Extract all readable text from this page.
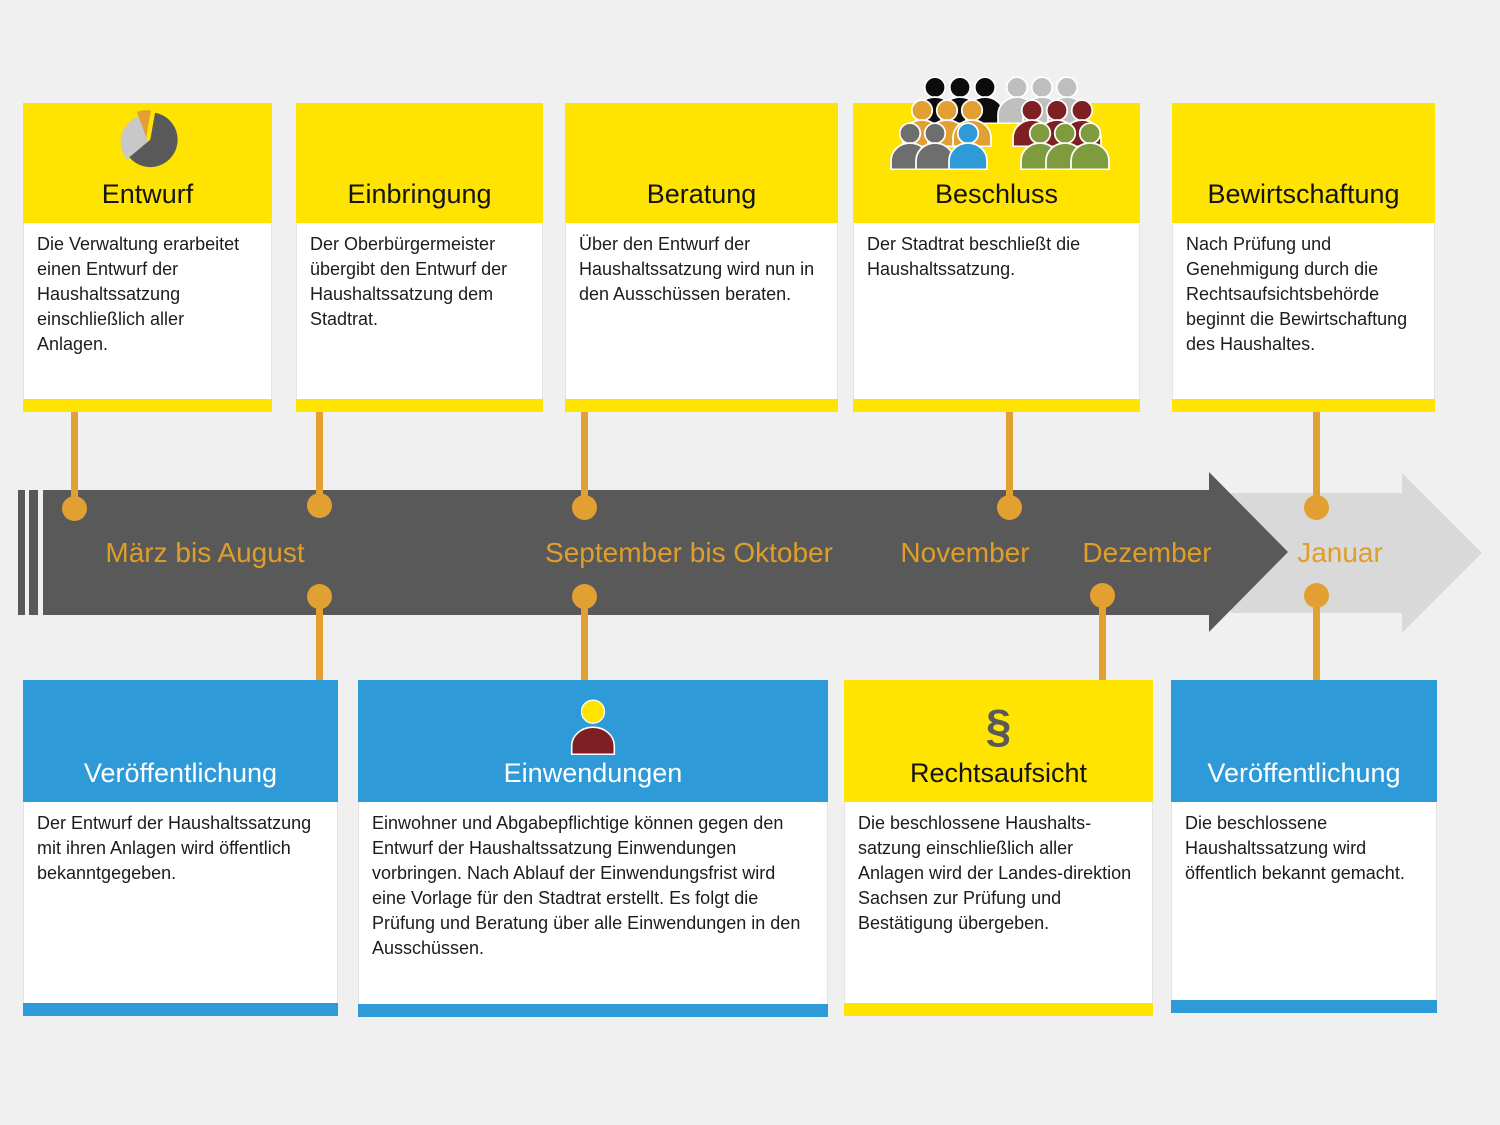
März bis August	September bis Oktober November Dezember	Januar
Entwurf

Die Verwaltung erarbeitet einen Entwurf der Haushaltssatzung einschließlich aller Anlagen.

Einbringung

Der Oberbürgermeister übergibt den Entwurf der Haushaltssatzung dem Stadtrat.

Beratung

Über den Entwurf der Haushaltssatzung wird nun in den Ausschüssen beraten.

Beschluss

Der Stadtrat beschließt die Haushaltssatzung.

Bewirtschaftung

Nach Prüfung und Genehmigung durch die Rechtsaufsichtsbehörde beginnt die Bewirtschaftung des Haushaltes.

Veröffentlichung

Der Entwurf der Haushaltssatzung mit ihren Anlagen wird öffentlich bekanntgegeben.

Einwendungen

Einwohner und Abgabepflichtige können gegen den Entwurf der Haushaltssatzung Einwendungen vorbringen. Nach Ablauf der Einwendungsfrist wird eine Vorlage für den Stadtrat erstellt. Es folgt die Prüfung und Beratung über alle Einwendungen in den Ausschüssen.

§
Rechtsaufsicht

Die beschlossene Haushalts-satzung einschließlich aller Anlagen wird der Landes-direktion Sachsen zur Prüfung und Bestätigung übergeben.

Veröffentlichung

Die beschlossene Haushaltssatzung wird öffentlich bekannt gemacht.
